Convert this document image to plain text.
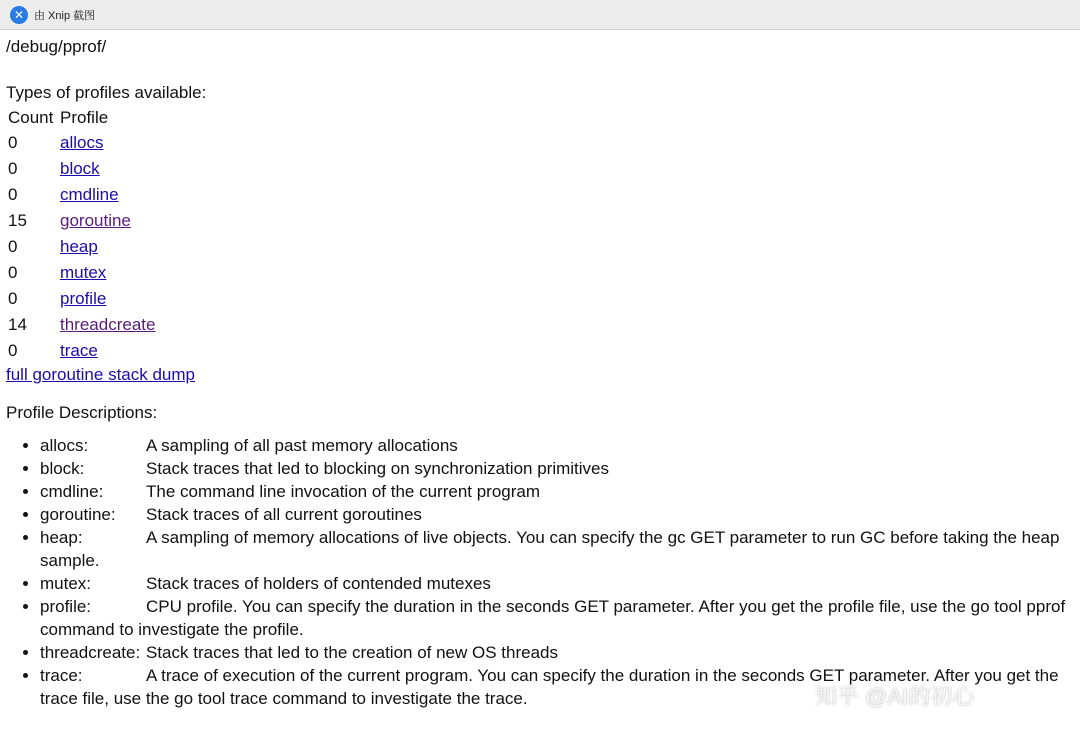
✕ 由 Xnip 截图
/debug/pprof/
Types of profiles available:
Count	Profile
0	allocs
0	block
0	cmdline
15	goroutine
0	heap
0	mutex
0	profile
14	threadcreate
0	trace
full goroutine stack dump
Profile Descriptions:
• allocs:	A sampling of all past memory allocations
• block:	Stack traces that led to blocking on synchronization primitives
• cmdline:	The command line invocation of the current program
• goroutine: Stack traces of all current goroutines
• heap:	A sampling of memory allocations of live objects. You can specify the gc GET parameter to run GC before taking the heap sample.
• mutex:	Stack traces of holders of contended mutexes
• profile:	CPU profile. You can specify the duration in the seconds GET parameter. After you get the profile file, use the go tool pprof command to investigate the profile.
• threadcreate: Stack traces that led to the creation of new OS threads
• trace:	A trace of execution of the current program. You can specify the duration in the seconds GET parameter. After you get the trace file, use the go tool trace command to investigate the trace.	知乎 @AI的初心
